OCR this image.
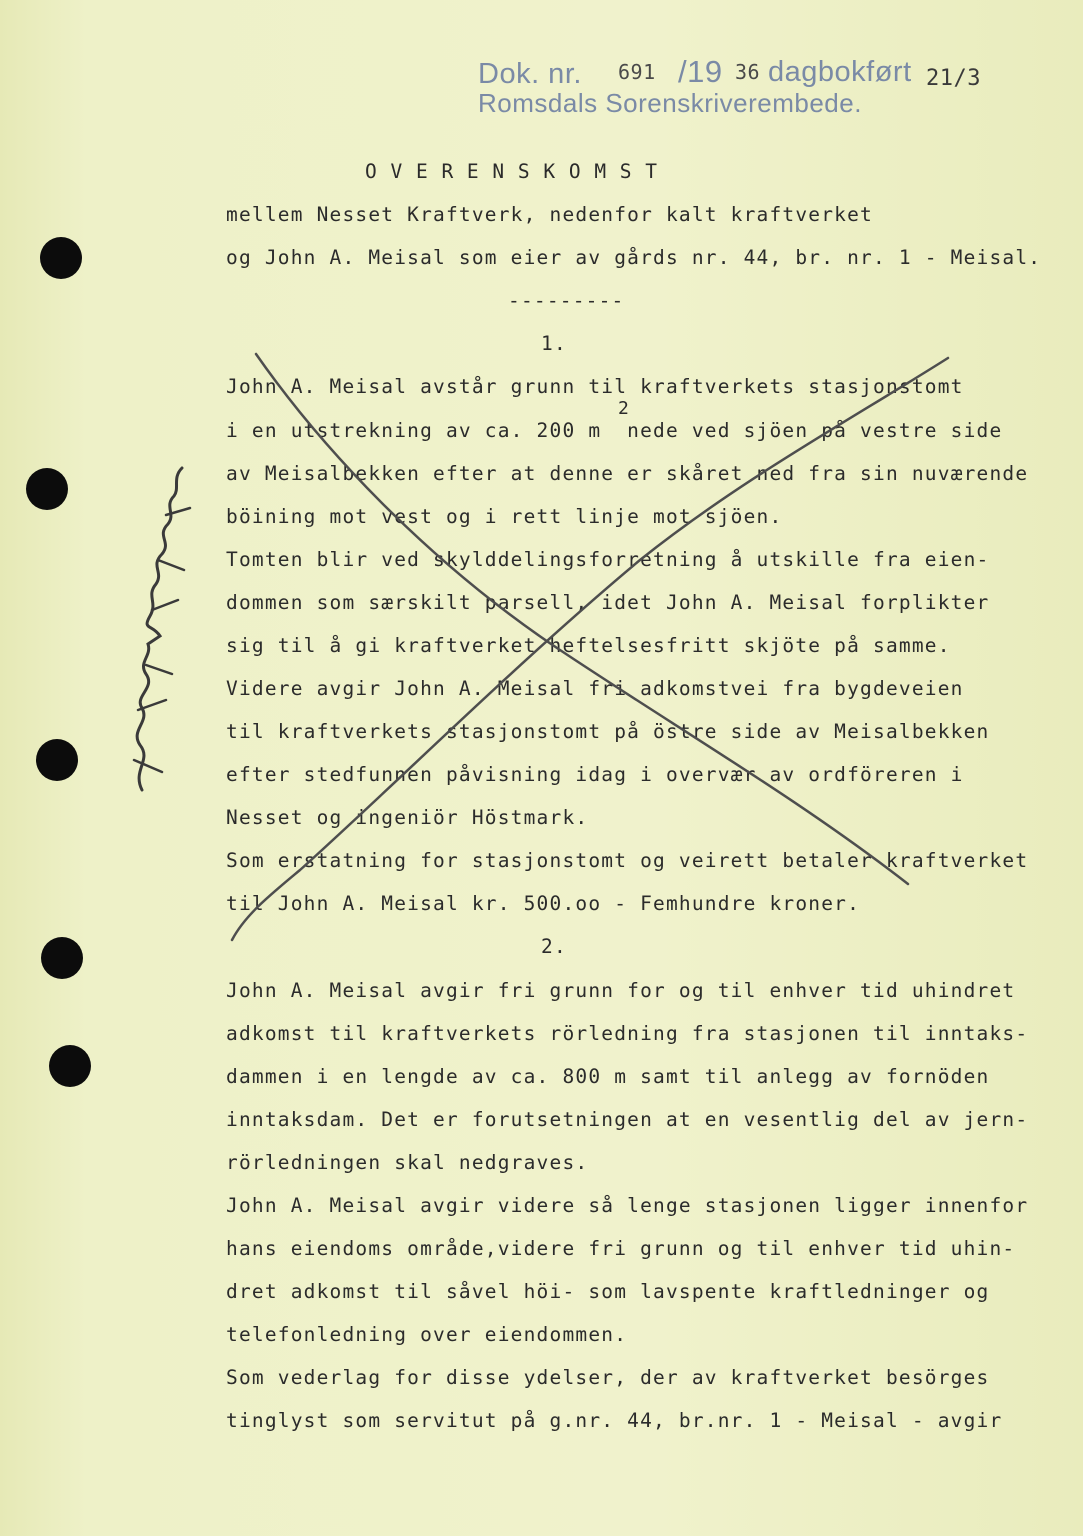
Dok. nr. 691 /19 36 dagbokført 21/3
Romsdals Sorenskriverembede.
O V E R E N S K O M S T
mellem Nesset Kraftverk, nedenfor kalt kraftverket
og John A. Meisal som eier av gårds nr. 44, br. nr. 1 - Meisal.
---------
1.
John A. Meisal avstår grunn til kraftverkets stasjonstomt
2
i en utstrekning av ca. 200 m  nede ved sjöen på vestre side
av Meisalbekken efter at denne er skåret ned fra sin nuværende
böining mot vest og i rett linje mot sjöen.
Tomten blir ved skylddelingsforretning å utskille fra eien-
dommen som særskilt parsell, idet John A. Meisal forplikter
sig til å gi kraftverket heftelsesfritt skjöte på samme.
Videre avgir John A. Meisal fri adkomstvei fra bygdeveien
til kraftverkets stasjonstomt på östre side av Meisalbekken
efter stedfunnen påvisning idag i overvær av ordföreren i
Nesset og ingeniör Höstmark.
Som erstatning for stasjonstomt og veirett betaler kraftverket
til John A. Meisal kr. 500.oo - Femhundre kroner.
2.
John A. Meisal avgir fri grunn for og til enhver tid uhindret
adkomst til kraftverkets rörledning fra stasjonen til inntaks-
dammen i en lengde av ca. 800 m samt til anlegg av fornöden
inntaksdam. Det er forutsetningen at en vesentlig del av jern-
rörledningen skal nedgraves.
John A. Meisal avgir videre så lenge stasjonen ligger innenfor
hans eiendoms område,videre fri grunn og til enhver tid uhin-
dret adkomst til såvel höi- som lavspente kraftledninger og
telefonledning over eiendommen.
Som vederlag for disse ydelser, der av kraftverket besörges
tinglyst som servitut på g.nr. 44, br.nr. 1 - Meisal - avgir
